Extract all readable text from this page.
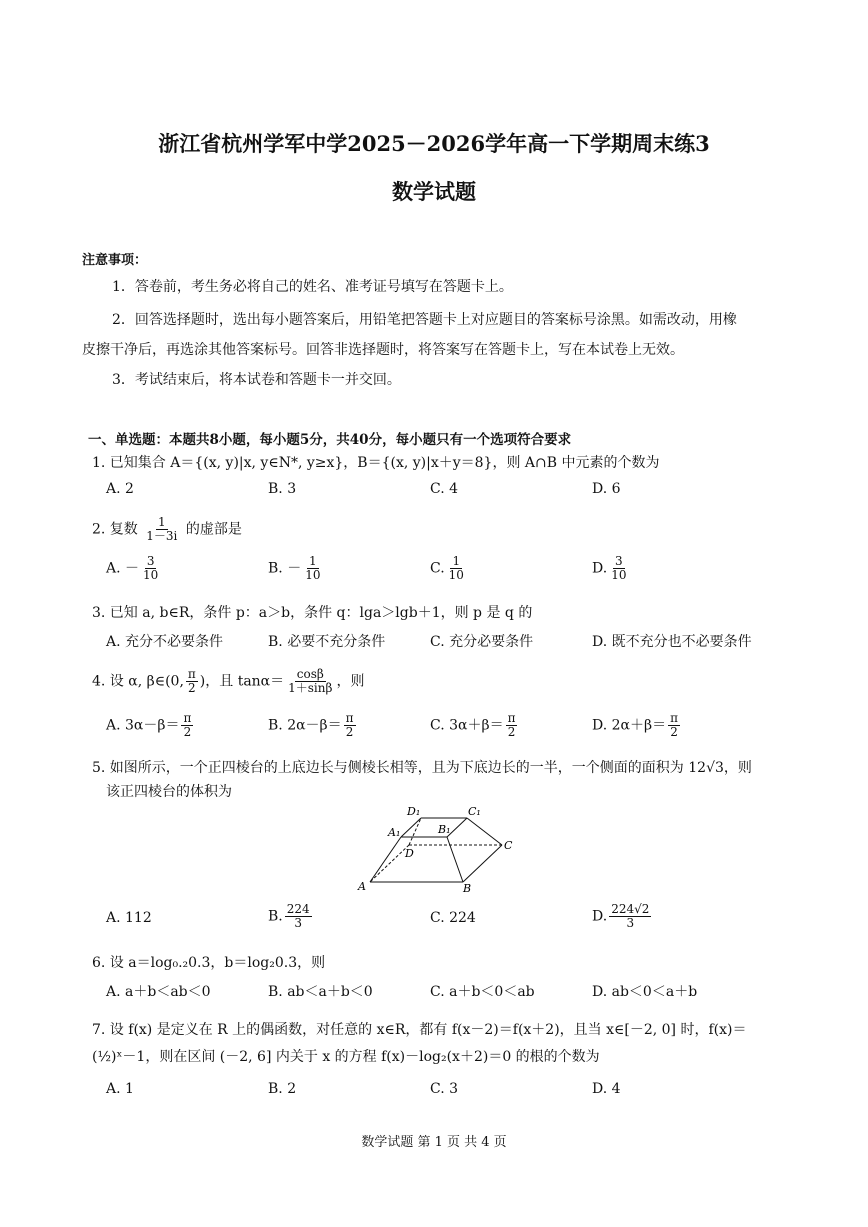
浙江省杭州学军中学2025－2026学年高一下学期周末练3
数学试题
注意事项：
1．答卷前，考生务必将自己的姓名、准考证号填写在答题卡上。
2．回答选择题时，选出每小题答案后，用铅笔把答题卡上对应题目的答案标号涂黑。如需改动，用橡
皮擦干净后，再选涂其他答案标号。回答非选择题时，将答案写在答题卡上，写在本试卷上无效。
3．考试结束后，将本试卷和答题卡一并交回。
一、单选题：本题共8小题，每小题5分，共40分，每小题只有一个选项符合要求
1. 已知集合 A＝{(x, y)|x, y∈N*, y≥x}，B＝{(x, y)|x＋y＝8}，则 A∩B 中元素的个数为
A. 2	B. 3	C. 4	D. 6
2. 复数 $\frac{1}{1-3i}$ 的虚部是
A. － $\frac{3}{10}$	B. － $\frac{1}{10}$	C. $\frac{1}{10}$	D. $\frac{3}{10}$
3. 已知 a, b∈R，条件 p：a＞b，条件 q：lga＞lgb＋1，则 p 是 q 的
A. 充分不必要条件	B. 必要不充分条件	C. 充分必要条件	D. 既不充分也不必要条件
4. 设 α, β∈(0, $\frac{\pi}{2}$ )，且 $\tan\alpha= \frac{\cos\beta}{1+\sin\beta}$ ，则
A. $3\alpha-\beta= \frac{\pi}{2}$	B. $2\alpha-\beta= \frac{\pi}{2}$	C. $3\alpha+\beta= \frac{\pi}{2}$	D. $2\alpha+\beta= \frac{\pi}{2}$
5. 如图所示，一个正四棱台的上底边长与侧棱长相等，且为下底边长的一半，一个侧面的面积为 12√3，则
该正四棱台的体积为
D₁	C₁
A₁	B₁
D
C
A	B
A. 112	B. $\frac{224}{3}$	C. 224	D. $\frac{224√2}{3}$
6. 设 a＝log₀.₂0.3，b＝log₂0.3，则
A. a＋b＜ab＜0	B. ab＜a＋b＜0	C. a＋b＜0＜ab	D. ab＜0＜a＋b
7. 设 f(x) 是定义在 R 上的偶函数，对任意的 x∈R，都有 f(x－2)＝f(x＋2)，且当 x∈[－2, 0] 时，f(x)＝
(½)ˣ－1，则在区间 (－2, 6] 内关于 x 的方程 f(x)－log₂(x＋2)＝0 的根的个数为
A. 1	B. 2	C. 3	D. 4
数学试题 第 1 页 共 4 页
